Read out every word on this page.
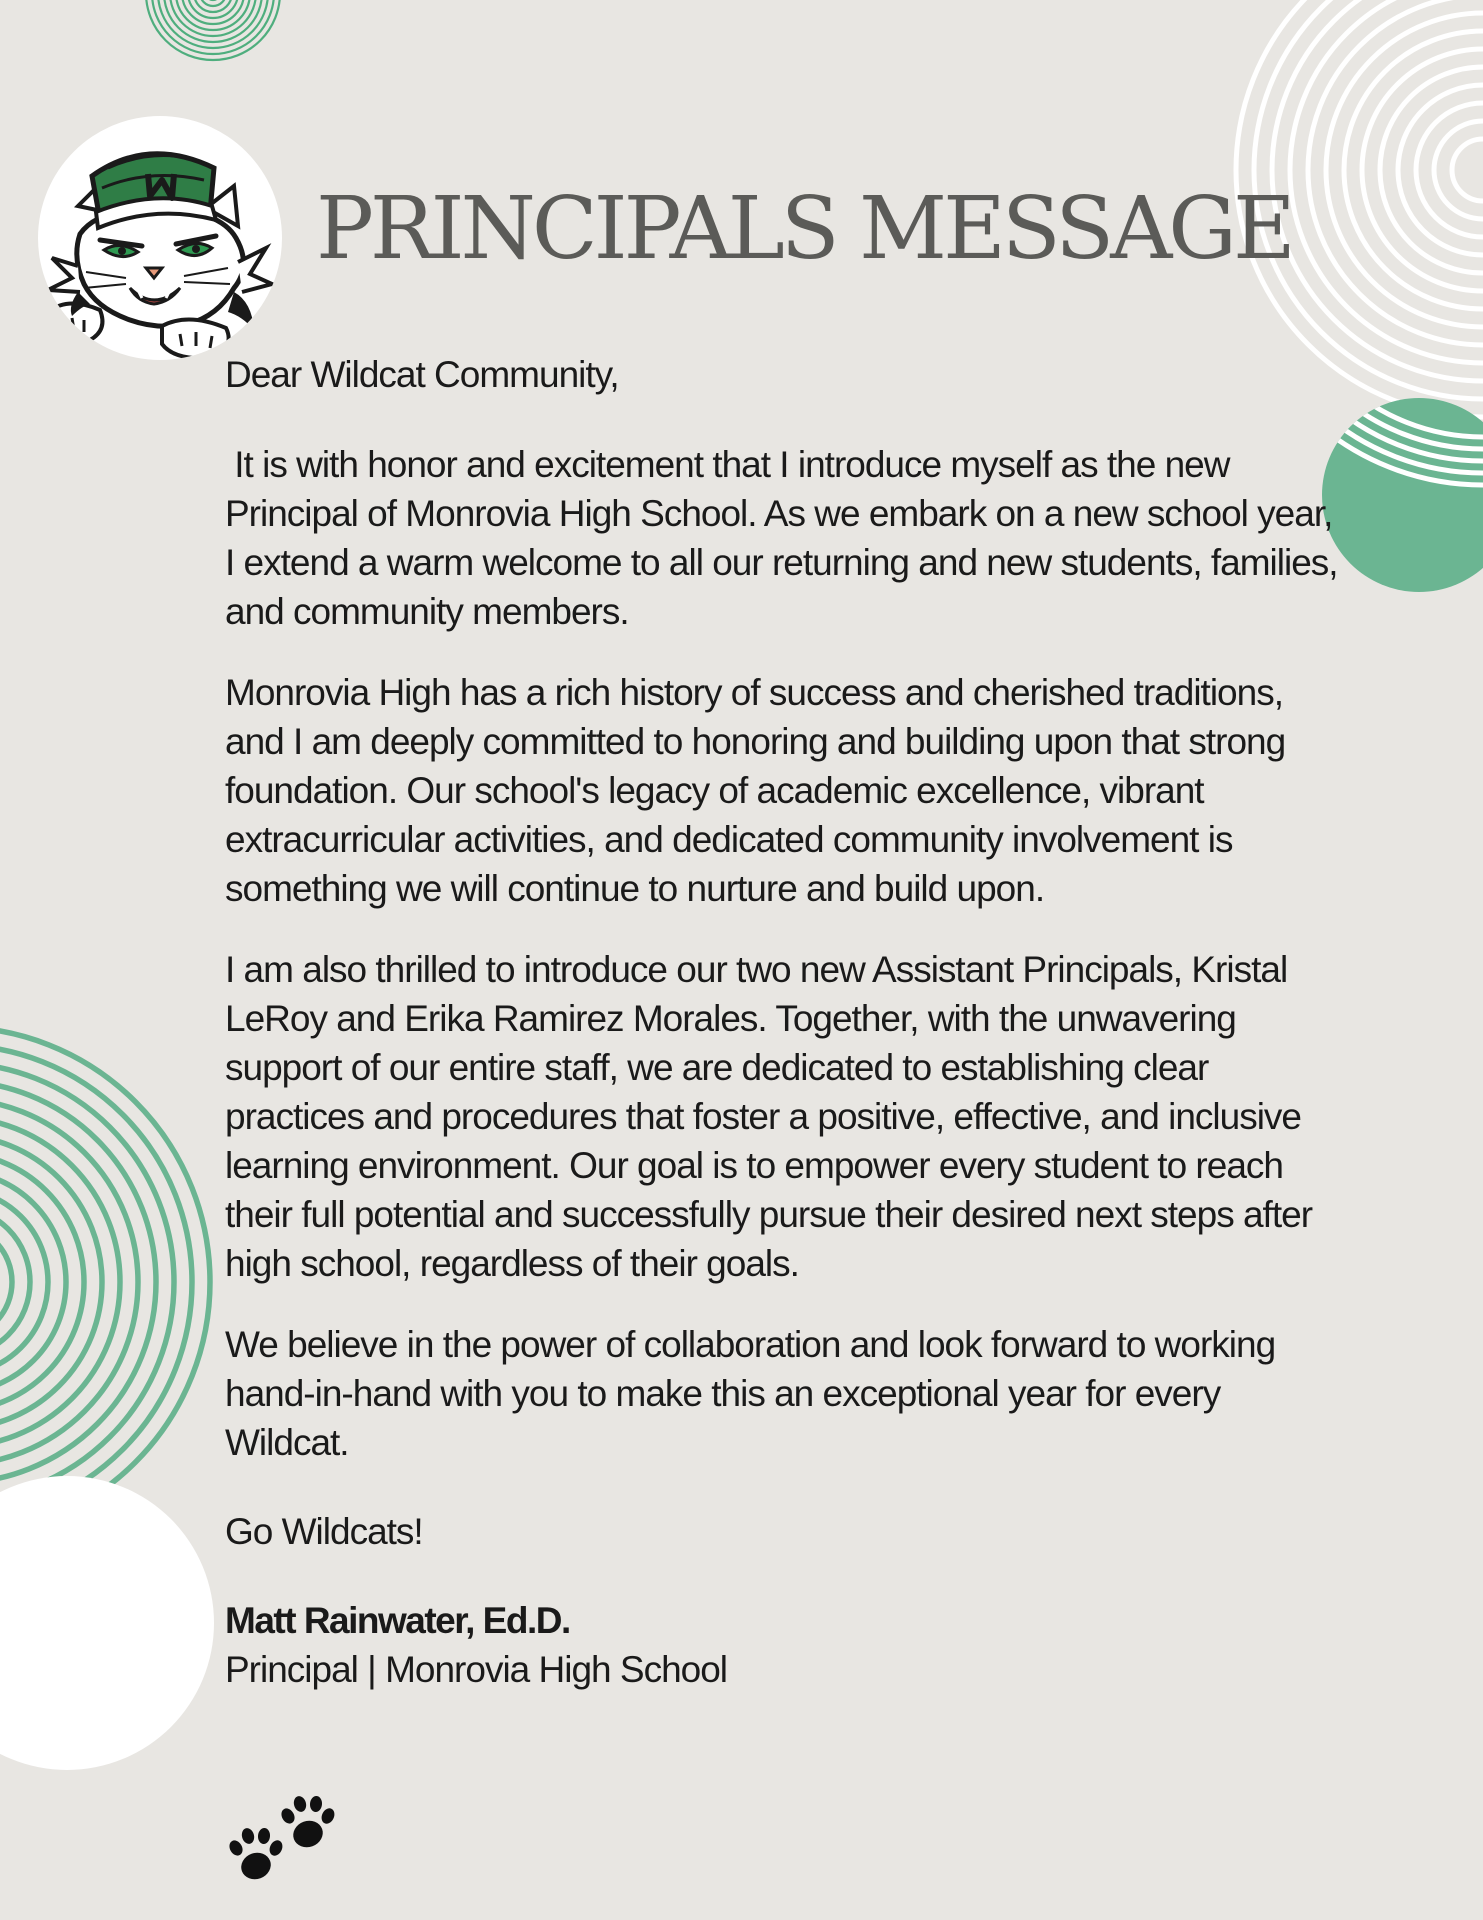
PRINCIPALS MESSAGE

Dear Wildcat Community,

It is with honor and excitement that I introduce myself as the new Principal of Monrovia High School. As we embark on a new school year, I extend a warm welcome to all our returning and new students, families, and community members.

Monrovia High has a rich history of success and cherished traditions, and I am deeply committed to honoring and building upon that strong foundation. Our school's legacy of academic excellence, vibrant extracurricular activities, and dedicated community involvement is something we will continue to nurture and build upon.

I am also thrilled to introduce our two new Assistant Principals, Kristal LeRoy and Erika Ramirez Morales. Together, with the unwavering support of our entire staff, we are dedicated to establishing clear practices and procedures that foster a positive, effective, and inclusive learning environment. Our goal is to empower every student to reach their full potential and successfully pursue their desired next steps after high school, regardless of their goals.

We believe in the power of collaboration and look forward to working hand-in-hand with you to make this an exceptional year for every Wildcat.

Go Wildcats!

Matt Rainwater, Ed.D.

Principal | Monrovia High School
